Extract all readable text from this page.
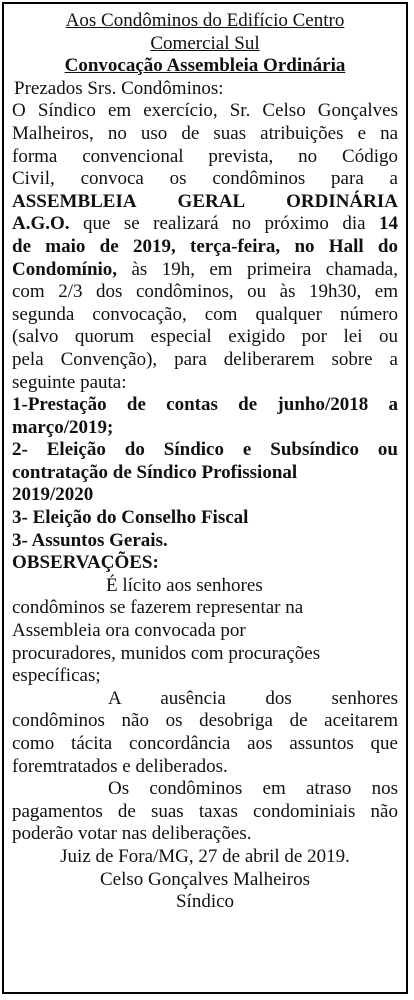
Aos Condôminos do Edifício Centro

Comercial Sul

Convocação Assembleia Ordinária

Prezados Srs. Condôminos:

O Síndico em exercício, Sr. Celso Gonçalves

Malheiros, no uso de suas atribuições e na

forma convencional prevista, no Código

Civil, convoca os condôminos para a

ASSEMBLEIA GERAL ORDINÁRIA

A.G.O. que se realizará no próximo dia 14

de maio de 2019, terça-feira, no Hall do

Condomínio, às 19h, em primeira chamada,

com 2/3 dos condôminos, ou às 19h30, em

segunda convocação, com qualquer número

(salvo quorum especial exigido por lei ou

pela Convenção), para deliberarem sobre a

seguinte pauta:

1-Prestação de contas de junho/2018 a

março/2019;

2- Eleição do Síndico e Subsíndico ou

contratação de Síndico Profissional

2019/2020

3- Eleição do Conselho Fiscal

3- Assuntos Gerais.

OBSERVAÇÕES:

É lícito aos senhores

condôminos se fazerem representar na

Assembleia ora convocada por

procuradores, munidos com procurações

específicas;

A ausência dos senhores

condôminos não os desobriga de aceitarem

como tácita concordância aos assuntos que

foremtratados e deliberados.

Os condôminos em atraso nos

pagamentos de suas taxas condominiais não

poderão votar nas deliberações.

Juiz de Fora/MG, 27 de abril de 2019.

Celso Gonçalves Malheiros

Síndico
